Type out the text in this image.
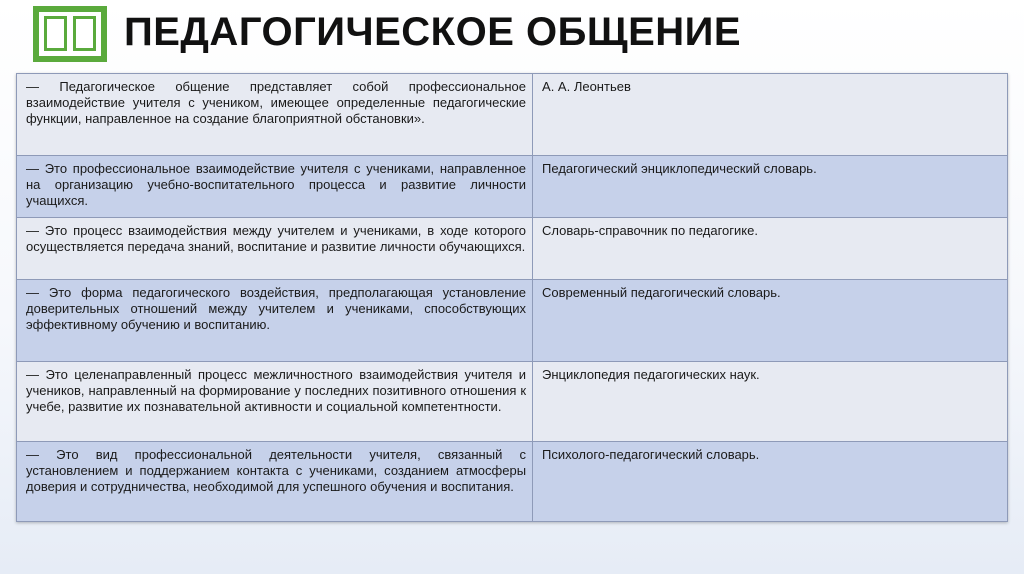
ПЕДАГОГИЧЕСКОЕ ОБЩЕНИЕ
— Педагогическое общение представляет собой профессиональное взаимодействие учителя с учеником, имеющее определенные педагогические функции, направленное на создание благоприятной обстановки».	А. А. Леонтьев
— Это профессиональное взаимодействие учителя с учениками, направленное на организацию учебно-воспитательного процесса и развитие личности учащихся.	Педагогический энциклопедический словарь.
— Это процесс взаимодействия между учителем и учениками, в ходе которого осуществляется передача знаний, воспитание и развитие личности обучающихся.	Словарь-справочник по педагогике.
— Это форма педагогического воздействия, предполагающая установление доверительных отношений между учителем и учениками, способствующих эффективному обучению и воспитанию.	Современный педагогический словарь.
— Это целенаправленный процесс межличностного взаимодействия учителя и учеников, направленный на формирование у последних позитивного отношения к учебе, развитие их познавательной активности и социальной компетентности.	Энциклопедия педагогических наук.
— Это вид профессиональной деятельности учителя, связанный с установлением и поддержанием контакта с учениками, созданием атмосферы доверия и сотрудничества, необходимой для успешного обучения и воспитания.	Психолого-педагогический словарь.
